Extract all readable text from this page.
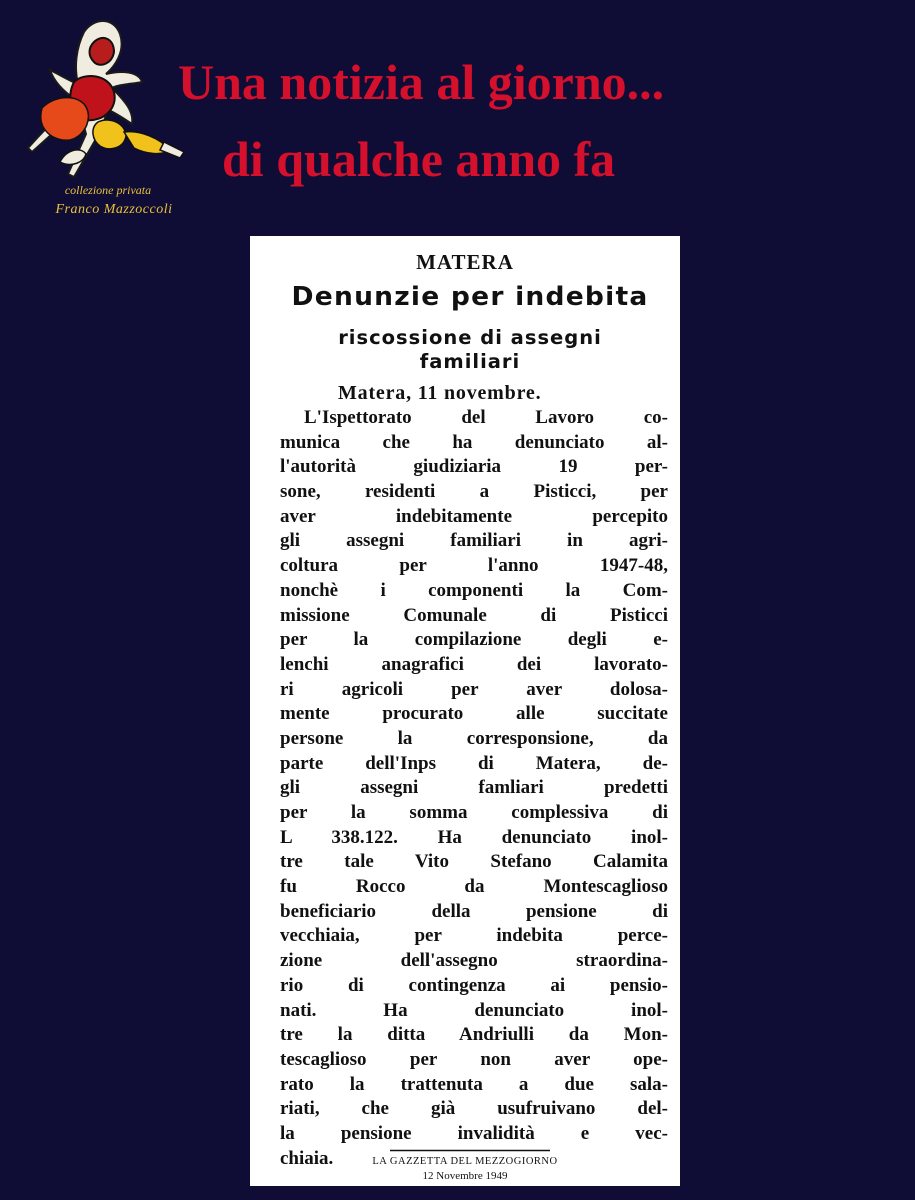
collezione privata
Franco Mazzoccoli
Una notizia al giorno...
di qualche anno fa
MATERA
Denunzie per indebita
riscossione di assegni
familiari
Matera, 11 novembre.
L'Ispettorato del Lavoro co-
munica che ha denunciato al-
l'autorità giudiziaria 19 per-
sone, residenti a Pisticci, per
aver indebitamente percepito
gli assegni familiari in agri-
coltura per l'anno 1947-48,
nonchè i componenti la Com-
missione Comunale di Pisticci
per la compilazione degli e-
lenchi anagrafici dei lavorato-
ri agricoli per aver dolosa-
mente procurato alle succitate
persone la corresponsione, da
parte dell'Inps di Matera, de-
gli assegni famliari predetti
per la somma complessiva di
L 338.122. Ha denunciato inol-
tre tale Vito Stefano Calamita
fu Rocco da Montescaglioso
beneficiario della pensione di
vecchiaia, per indebita perce-
zione dell'assegno straordina-
rio di contingenza ai pensio-
nati. Ha denunciato inol-
tre la ditta Andriulli da Mon-
tescaglioso per non aver ope-
rato la trattenuta a due sala-
riati, che già usufruivano del-
la pensione invalidità e vec-
chiaia.	LA GAZZETTA DEL MEZZOGIORNO
12 Novembre 1949
